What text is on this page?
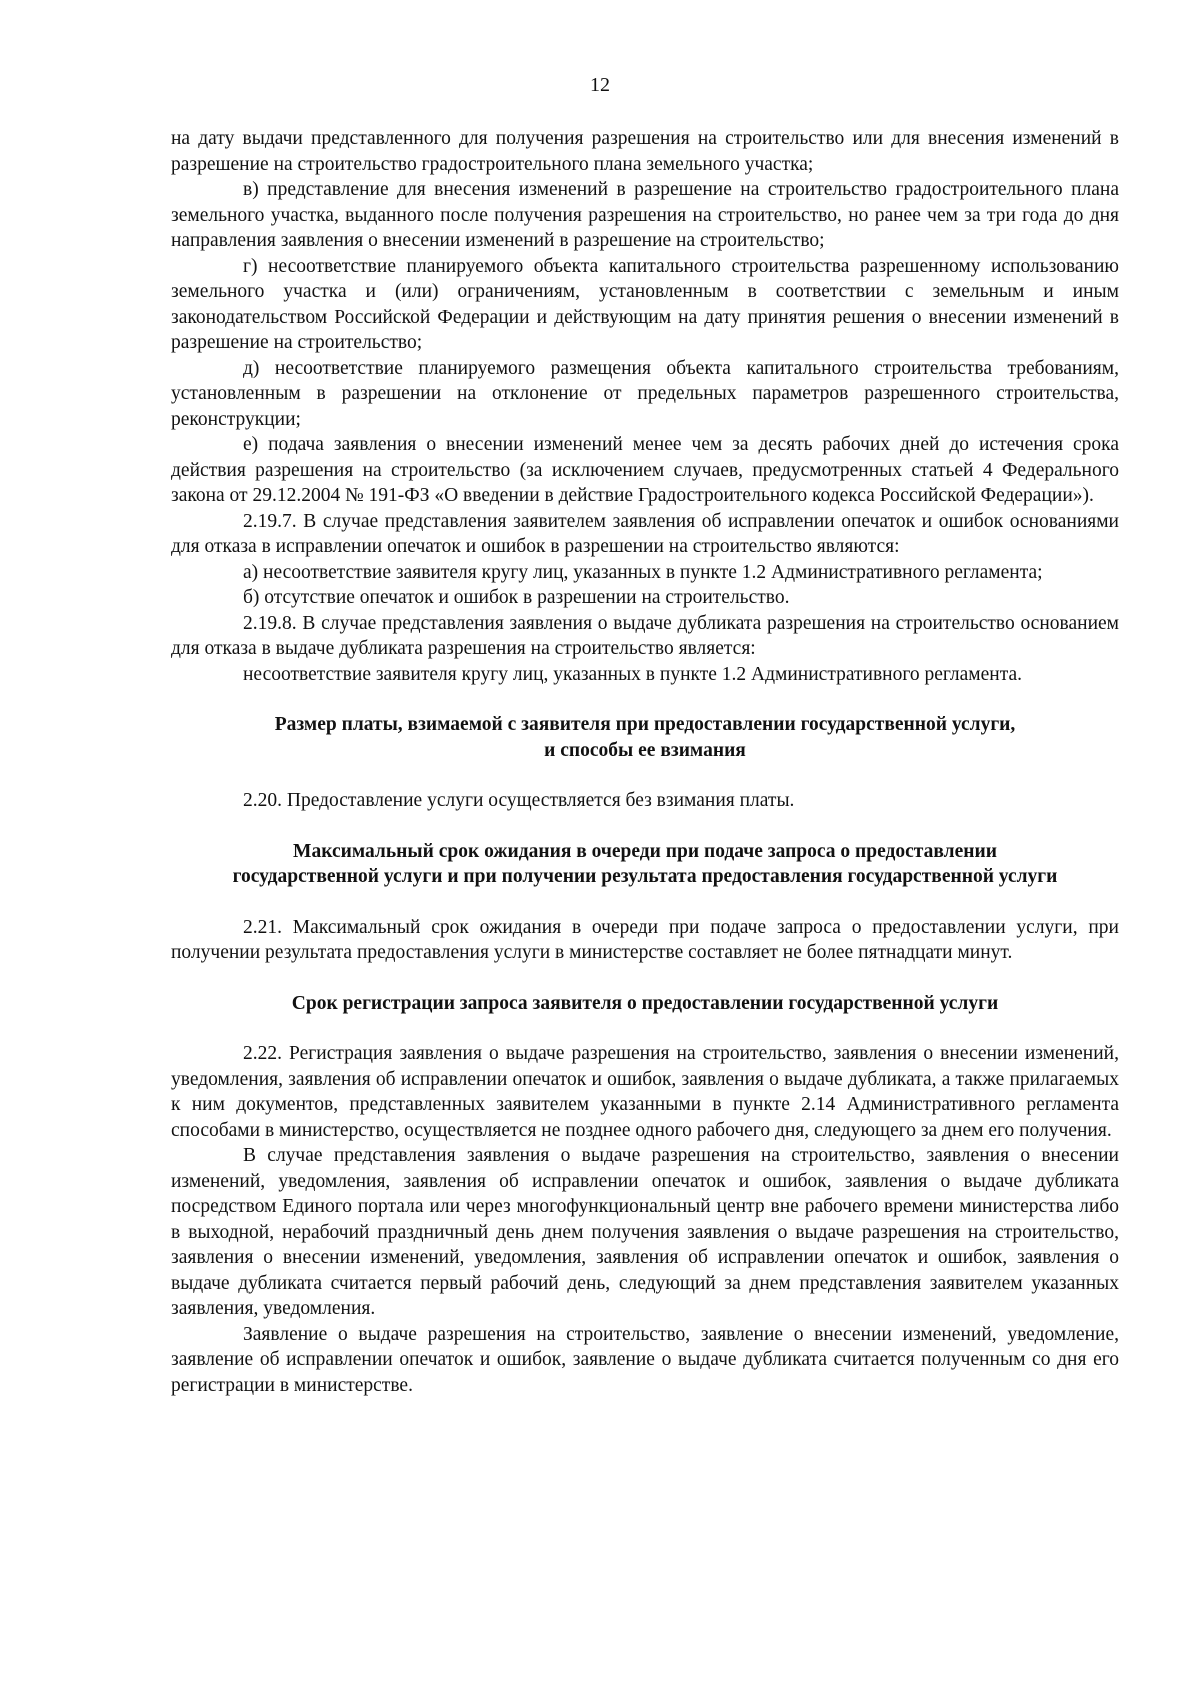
12

на дату выдачи представленного для получения разрешения на строительство или для внесения изменений в разрешение на строительство градостроительного плана земельного участка;

в) представление для внесения изменений в разрешение на строительство градостроительного плана земельного участка, выданного после получения разрешения на строительство, но ранее чем за три года до дня направления заявления о внесении изменений в разрешение на строительство;

г) несоответствие планируемого объекта капитального строительства разрешенному использованию земельного участка и (или) ограничениям, установленным в соответствии с земельным и иным законодательством Российской Федерации и действующим на дату принятия решения о внесении изменений в разрешение на строительство;

д) несоответствие планируемого размещения объекта капитального строительства требованиям, установленным в разрешении на отклонение от предельных параметров разрешенного строительства, реконструкции;

е) подача заявления о внесении изменений менее чем за десять рабочих дней до истечения срока действия разрешения на строительство (за исключением случаев, предусмотренных статьей 4 Федерального закона от 29.12.2004 № 191-ФЗ «О введении в действие Градостроительного кодекса Российской Федерации»).

2.19.7. В случае представления заявителем заявления об исправлении опечаток и ошибок основаниями для отказа в исправлении опечаток и ошибок в разрешении на строительство являются:

а) несоответствие заявителя кругу лиц, указанных в пункте 1.2 Административного регламента;

б) отсутствие опечаток и ошибок в разрешении на строительство.

2.19.8. В случае представления заявления о выдаче дубликата разрешения на строительство основанием для отказа в выдаче дубликата разрешения на строительство является:

несоответствие заявителя кругу лиц, указанных в пункте 1.2 Административного регламента.

Размер платы, взимаемой с заявителя при предоставлении государственной услуги,

и способы ее взимания

2.20. Предоставление услуги осуществляется без взимания платы.

Максимальный срок ожидания в очереди при подаче запроса о предоставлении

государственной услуги и при получении результата предоставления государственной услуги

2.21. Максимальный срок ожидания в очереди при подаче запроса о предоставлении услуги, при получении результата предоставления услуги в министерстве составляет не более пятнадцати минут.

Срок регистрации запроса заявителя о предоставлении государственной услуги

2.22. Регистрация заявления о выдаче разрешения на строительство, заявления о внесении изменений, уведомления, заявления об исправлении опечаток и ошибок, заявления о выдаче дубликата, а также прилагаемых к ним документов, представленных заявителем указанными в пункте 2.14 Административного регламента способами в министерство, осуществляется не позднее одного рабочего дня, следующего за днем его получения.

В случае представления заявления о выдаче разрешения на строительство, заявления о внесении изменений, уведомления, заявления об исправлении опечаток и ошибок, заявления о выдаче дубликата посредством Единого портала или через многофункциональный центр вне рабочего времени министерства либо в выходной, нерабочий праздничный день днем получения заявления о выдаче разрешения на строительство, заявления о внесении изменений, уведомления, заявления об исправлении опечаток и ошибок, заявления о выдаче дубликата считается первый рабочий день, следующий за днем представления заявителем указанных заявления, уведомления.

Заявление о выдаче разрешения на строительство, заявление о внесении изменений, уведомление, заявление об исправлении опечаток и ошибок, заявление о выдаче дубликата считается полученным со дня его регистрации в министерстве.
